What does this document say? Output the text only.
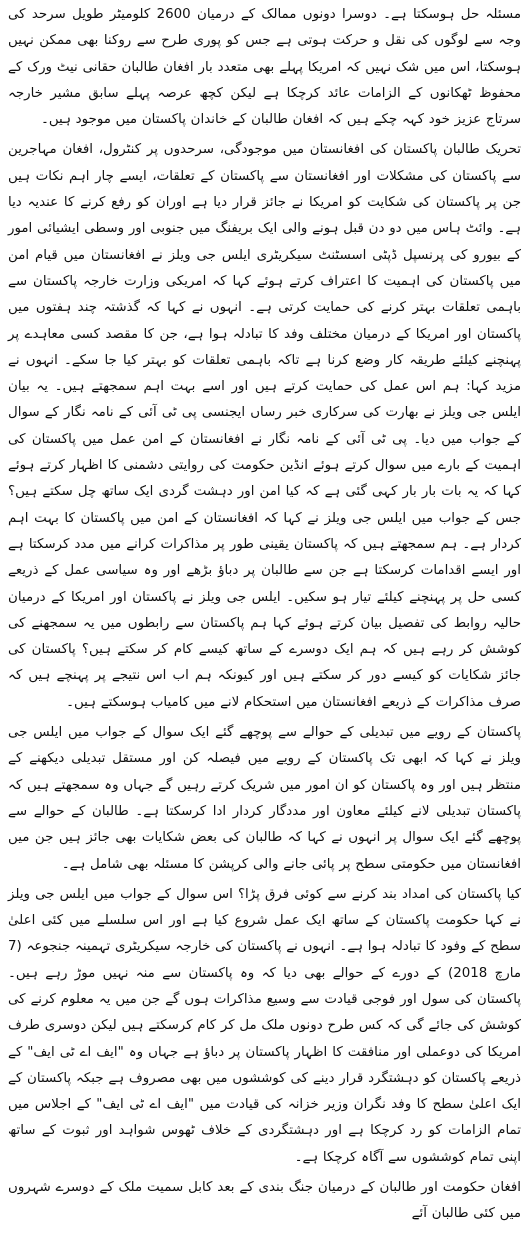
مسئلہ حل ہوسکتا ہے۔ دوسرا دونوں ممالک کے درمیان 2600 کلومیٹر طویل سرحد کی وجہ سے لوگوں کی نقل و حرکت ہوتی ہے جس کو پوری طرح سے روکنا بھی ممکن نہیں ہوسکتا، اس میں شک نہیں کہ امریکا پہلے بھی متعدد بار افغان طالبان حقانی نیٹ ورک کے محفوظ ٹھکانوں کے الزامات عائد کرچکا ہے لیکن کچھ عرصہ پہلے سابق مشیر خارجہ سرتاج عزیز خود کہہ چکے ہیں کہ افغان طالبان کے خاندان پاکستان میں موجود ہیں۔

تحریک طالبان پاکستان کی افغانستان میں موجودگی، سرحدوں پر کنٹرول، افغان مہاجرین سے پاکستان کی مشکلات اور افغانستان سے پاکستان کے تعلقات، ایسے چار اہم نکات ہیں جن پر پاکستان کی شکایت کو امریکا نے جائز قرار دیا ہے اوران کو رفع کرنے کا عندیہ دیا ہے۔ وائٹ ہاس میں دو دن قبل ہونے والی ایک بریفنگ میں جنوبی اور وسطی ایشیائی امور کے بیورو کی پرنسپل ڈپٹی اسسٹنٹ سیکریٹری ایلس جی ویلز نے افغانستان میں قیام امن میں پاکستان کی اہمیت کا اعتراف کرتے ہوئے کہا کہ امریکی وزارت خارجہ پاکستان سے باہمی تعلقات بہتر کرنے کی حمایت کرتی ہے۔ انہوں نے کہا کہ گذشتہ چند ہفتوں میں پاکستان اور امریکا کے درمیان مختلف وفد کا تبادلہ ہوا ہے، جن کا مقصد کسی معاہدے پر پہنچنے کیلئے طریقہ کار وضع کرنا ہے تاکہ باہمی تعلقات کو بہتر کیا جا سکے۔ انہوں نے مزید کہا: ہم اس عمل کی حمایت کرتے ہیں اور اسے بہت اہم سمجھتے ہیں۔ یہ بیان ایلس جی ویلز نے بھارت کی سرکاری خبر رساں ایجنسی پی ٹی آئی کے نامہ نگار کے سوال کے جواب میں دیا۔ پی ٹی آئی کے نامہ نگار نے افغانستان کے امن عمل میں پاکستان کی اہمیت کے بارے میں سوال کرتے ہوئے انڈین حکومت کی روایتی دشمنی کا اظہار کرتے ہوئے کہا کہ یہ بات بار بار کہی گئی ہے کہ کیا امن اور دہشت گردی ایک ساتھ چل سکتے ہیں؟ جس کے جواب میں ایلس جی ویلز نے کہا کہ افغانستان کے امن میں پاکستان کا بہت اہم کردار ہے۔ ہم سمجھتے ہیں کہ پاکستان یقینی طور پر مذاکرات کرانے میں مدد کرسکتا ہے اور ایسے اقدامات کرسکتا ہے جن سے طالبان پر دباؤ بڑھے اور وہ سیاسی عمل کے ذریعے کسی حل پر پہنچنے کیلئے تیار ہو سکیں۔ ایلس جی ویلز نے پاکستان اور امریکا کے درمیان حالیہ روابط کی تفصیل بیان کرتے ہوئے کہا ہم پاکستان سے رابطوں میں یہ سمجھنے کی کوشش کر رہے ہیں کہ ہم ایک دوسرے کے ساتھ کیسے کام کر سکتے ہیں؟ پاکستان کی جائز شکایات کو کیسے دور کر سکتے ہیں اور کیونکہ ہم اب اس نتیجے پر پہنچے ہیں کہ صرف مذاکرات کے ذریعے افغانستان میں استحکام لانے میں کامیاب ہوسکتے ہیں۔

پاکستان کے رویے میں تبدیلی کے حوالے سے پوچھے گئے ایک سوال کے جواب میں ایلس جی ویلز نے کہا کہ ابھی تک پاکستان کے رویے میں فیصلہ کن اور مستقل تبدیلی دیکھنے کے منتظر ہیں اور وہ پاکستان کو ان امور میں شریک کرتے رہیں گے جہاں وہ سمجھتے ہیں کہ پاکستان تبدیلی لانے کیلئے معاون اور مددگار کردار ادا کرسکتا ہے۔ طالبان کے حوالے سے پوچھے گئے ایک سوال پر انہوں نے کہا کہ طالبان کی بعض شکایات بھی جائز ہیں جن میں افغانستان میں حکومتی سطح پر پائی جانے والی کرپشن کا مسئلہ بھی شامل ہے۔

کیا پاکستان کی امداد بند کرنے سے کوئی فرق پڑا؟ اس سوال کے جواب میں ایلس جی ویلز نے کہا حکومت پاکستان کے ساتھ ایک عمل شروع کیا ہے اور اس سلسلے میں کئی اعلیٰ سطح کے وفود کا تبادلہ ہوا ہے۔ انہوں نے پاکستان کی خارجہ سیکریٹری تہمینہ جنجوعہ (7 مارچ 2018) کے دورے کے حوالے بھی دیا کہ وہ پاکستان سے منہ نہیں موڑ رہے ہیں۔ پاکستان کی سول اور فوجی قیادت سے وسیع مذاکرات ہوں گے جن میں یہ معلوم کرنے کی کوشش کی جائے گی کہ کس طرح دونوں ملک مل کر کام کرسکتے ہیں لیکن دوسری طرف امریکا کی دوعملی اور منافقت کا اظہار پاکستان پر دباؤ ہے جہاں وہ "ایف اے ٹی ایف" کے ذریعے پاکستان کو دہشتگرد قرار دینے کی کوششوں میں بھی مصروف ہے جبکہ پاکستان کے ایک اعلیٰ سطح کا وفد نگران وزیر خزانہ کی قیادت میں "ایف اے ٹی ایف" کے اجلاس میں تمام الزامات کو رد کرچکا ہے اور دہشتگردی کے خلاف ٹھوس شواہد اور ثبوت کے ساتھ اپنی تمام کوششوں سے آگاہ کرچکا ہے۔

افغان حکومت اور طالبان کے درمیان جنگ بندی کے بعد کابل سمیت ملک کے دوسرے شہروں میں کئی طالبان آئے
